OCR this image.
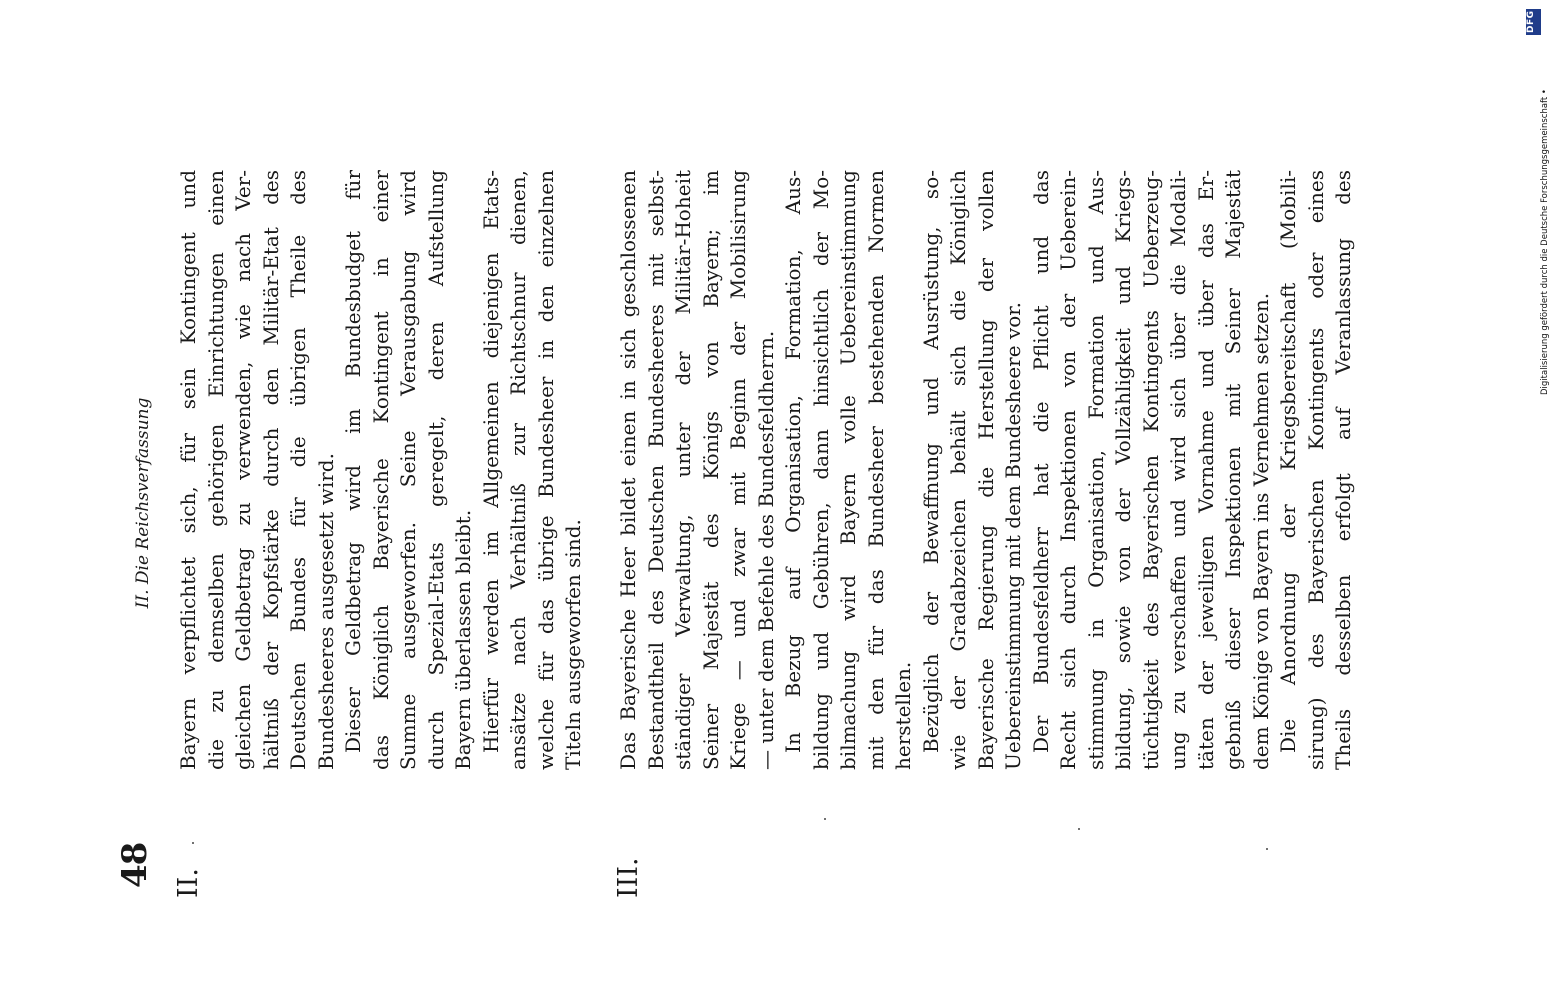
48
II. Die Reichsverfassung
II.
Bayern verpflichtet sich, für sein Kontingent und die zu demselben gehörigen Einrichtungen einen gleichen Geldbetrag zu verwenden, wie nach Ver- hältniß der Kopfstärke durch den Militär-Etat des Deutschen Bundes für die übrigen Theile des Bundesheeres ausgesetzt wird. Dieser Geldbetrag wird im Bundesbudget für das Königlich Bayerische Kontingent in einer Summe ausgeworfen. Seine Verausgabung wird durch Spezial-Etats geregelt, deren Aufstellung Bayern überlassen bleibt. Hierfür werden im Allgemeinen diejenigen Etats- ansätze nach Verhältniß zur Richtschnur dienen, welche für das übrige Bundesheer in den einzelnen Titeln ausgeworfen sind.
III.
Das Bayerische Heer bildet einen in sich geschlossenen Bestandtheil des Deutschen Bundesheeres mit selbst- ständiger Verwaltung, unter der Militär-Hoheit Seiner Majestät des Königs von Bayern; im Kriege — und zwar mit Beginn der Mobilisirung — unter dem Befehle des Bundesfeldherrn. In Bezug auf Organisation, Formation, Aus- bildung und Gebühren, dann hinsichtlich der Mo- bilmachung wird Bayern volle Uebereinstimmung mit den für das Bundesheer bestehenden Normen herstellen. Bezüglich der Bewaffnung und Ausrüstung, so- wie der Gradabzeichen behält sich die Königlich Bayerische Regierung die Herstellung der vollen Uebereinstimmung mit dem Bundesheere vor. Der Bundesfeldherr hat die Pflicht und das Recht sich durch Inspektionen von der Ueberein- stimmung in Organisation, Formation und Aus- bildung, sowie von der Vollzähligkeit und Kriegs- tüchtigkeit des Bayerischen Kontingents Ueberzeug- ung zu verschaffen und wird sich über die Modali- täten der jeweiligen Vornahme und über das Er- gebniß dieser Inspektionen mit Seiner Majestät dem Könige von Bayern ins Vernehmen setzen. Die Anordnung der Kriegsbereitschaft (Mobili- sirung) des Bayerischen Kontingents oder eines Theils desselben erfolgt auf Veranlassung des	Digitalisierung gefördert durch die Deutsche Forschungsgemeinschaft •
DFG
